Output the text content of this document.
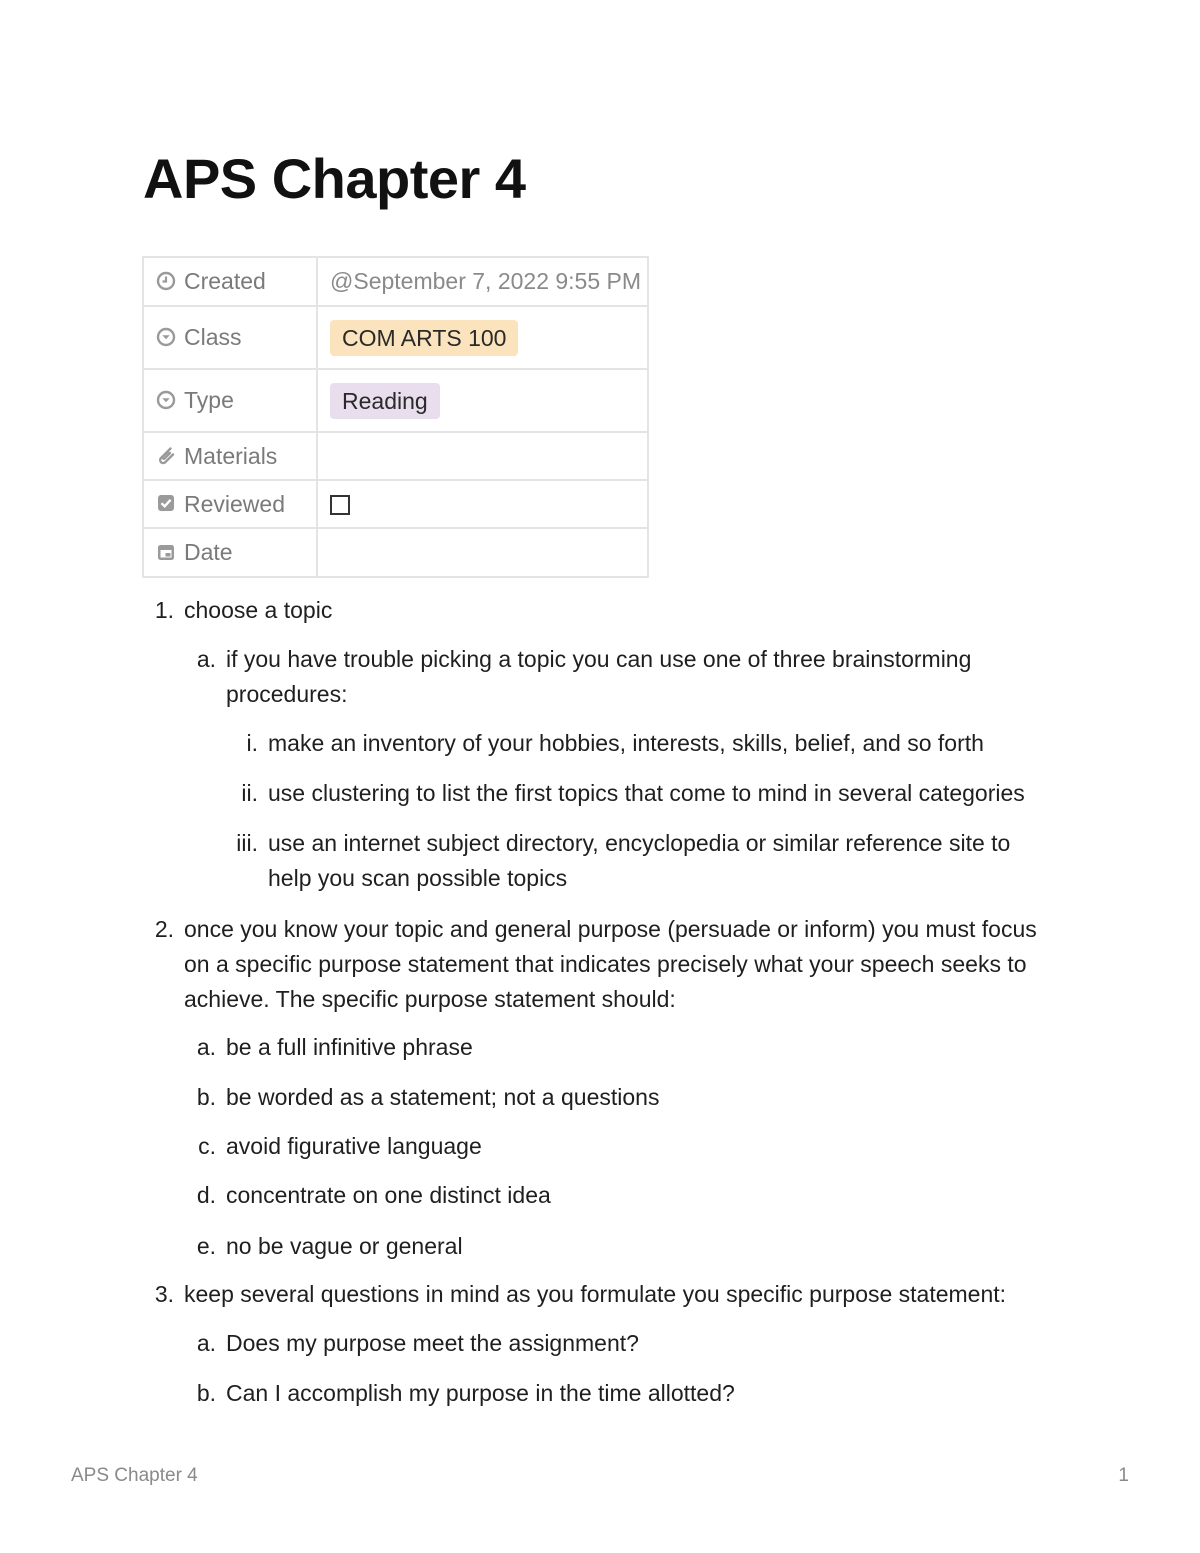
APS Chapter 4
Created	@September 7, 2022 9:55 PM

Class	COM ARTS 100

Type	Reading

Materials	

Reviewed	

Date	
1. choose a topic
a. if you have trouble picking a topic you can use one of three brainstorming
procedures:
i. make an inventory of your hobbies, interests, skills, belief, and so forth
ii. use clustering to list the first topics that come to mind in several categories
iii. use an internet subject directory, encyclopedia or similar reference site to
help you scan possible topics
2. once you know your topic and general purpose (persuade or inform) you must focus
on a specific purpose statement that indicates precisely what your speech seeks to
achieve. The specific purpose statement should:
a. be a full infinitive phrase
b. be worded as a statement; not a questions
c. avoid figurative language
d. concentrate on one distinct idea
e. no be vague or general
3. keep several questions in mind as you formulate you specific purpose statement:
a. Does my purpose meet the assignment?
b. Can I accomplish my purpose in the time allotted?
APS Chapter 4	1
